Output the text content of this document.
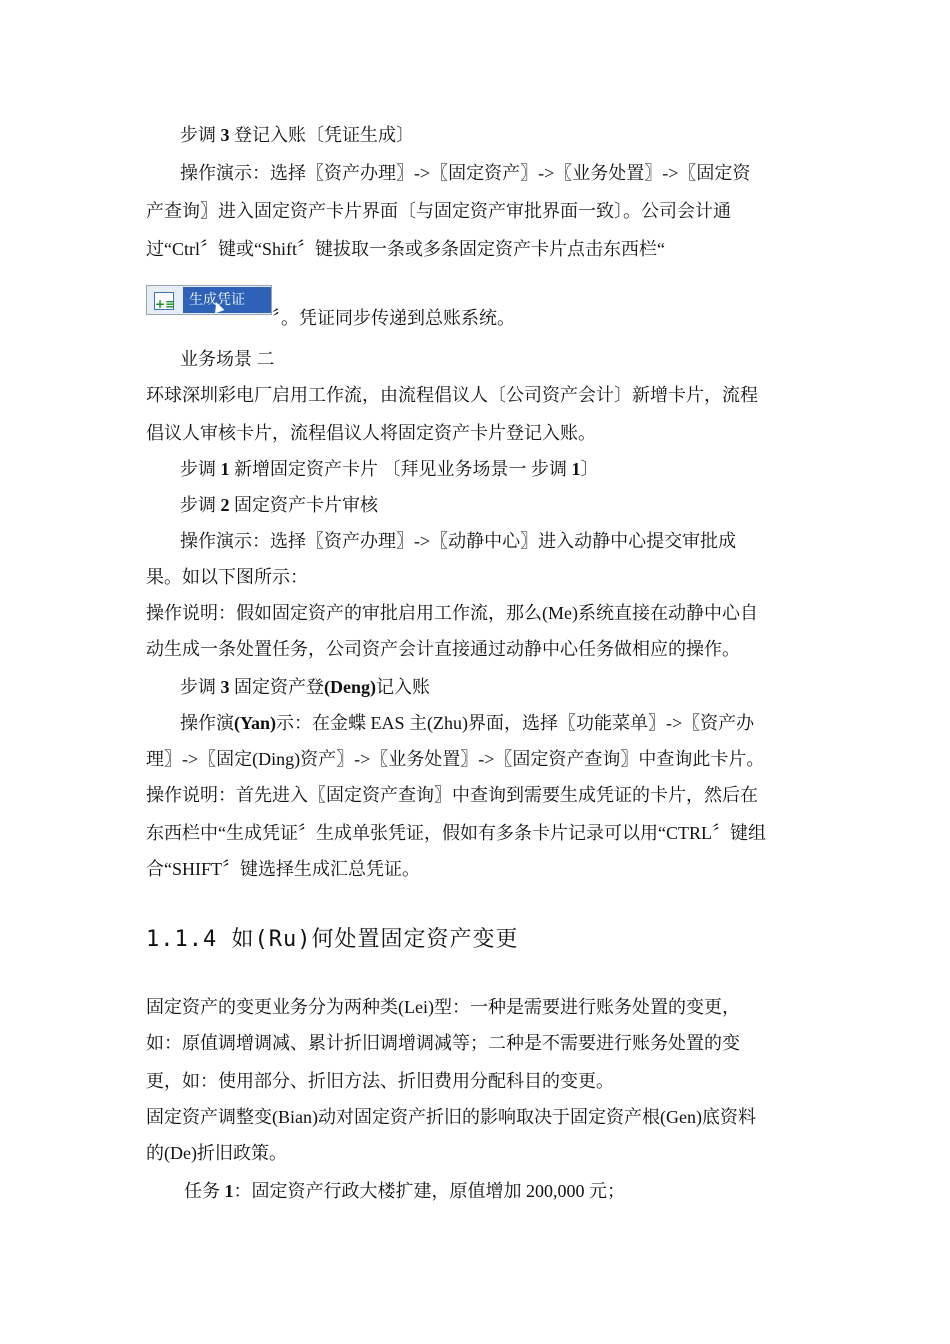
步调 3 登记入账〔凭证生成〕
操作演示：选择〖资产办理〗->〖固定资产〗->〖业务处置〗->〖固定资
产查询〗进入固定资产卡片界面〔与固定资产审批界面一致〕。公司会计通
过“Ctrl〞键或“Shift〞键拔取一条或多条固定资产卡片点击东西栏“
+≡ 生成凭证
〞。凭证同步传递到总账系统。
业务场景 二
环球深圳彩电厂启用工作流，由流程倡议人〔公司资产会计〕新增卡片，流程
倡议人审核卡片，流程倡议人将固定资产卡片登记入账。
步调 1 新增固定资产卡片 〔拜见业务场景一 步调 1〕
步调 2 固定资产卡片审核
操作演示：选择〖资产办理〗->〖动静中心〗进入动静中心提交审批成
果。如以下图所示：
操作说明：假如固定资产的审批启用工作流，那么(Me)系统直接在动静中心自
动生成一条处置任务，公司资产会计直接通过动静中心任务做相应的操作。
步调 3 固定资产登(Deng)记入账
操作演(Yan)示：在金蝶 EAS 主(Zhu)界面，选择〖功能菜单〗->〖资产办
理〗->〖固定(Ding)资产〗->〖业务处置〗->〖固定资产查询〗中查询此卡片。
操作说明：首先进入〖固定资产查询〗中查询到需要生成凭证的卡片，然后在
东西栏中“生成凭证〞生成单张凭证，假如有多条卡片记录可以用“CTRL〞键组
合“SHIFT〞键选择生成汇总凭证。
1.1.4 如(Ru)何处置固定资产变更
固定资产的变更业务分为两种类(Lei)型：一种是需要进行账务处置的变更，
如：原值调增调减、累计折旧调增调减等；二种是不需要进行账务处置的变
更，如：使用部分、折旧方法、折旧费用分配科目的变更。
固定资产调整变(Bian)动对固定资产折旧的影响取决于固定资产根(Gen)底资料
的(De)折旧政策。
任务 1：固定资产行政大楼扩建，原值增加 200,000 元；
